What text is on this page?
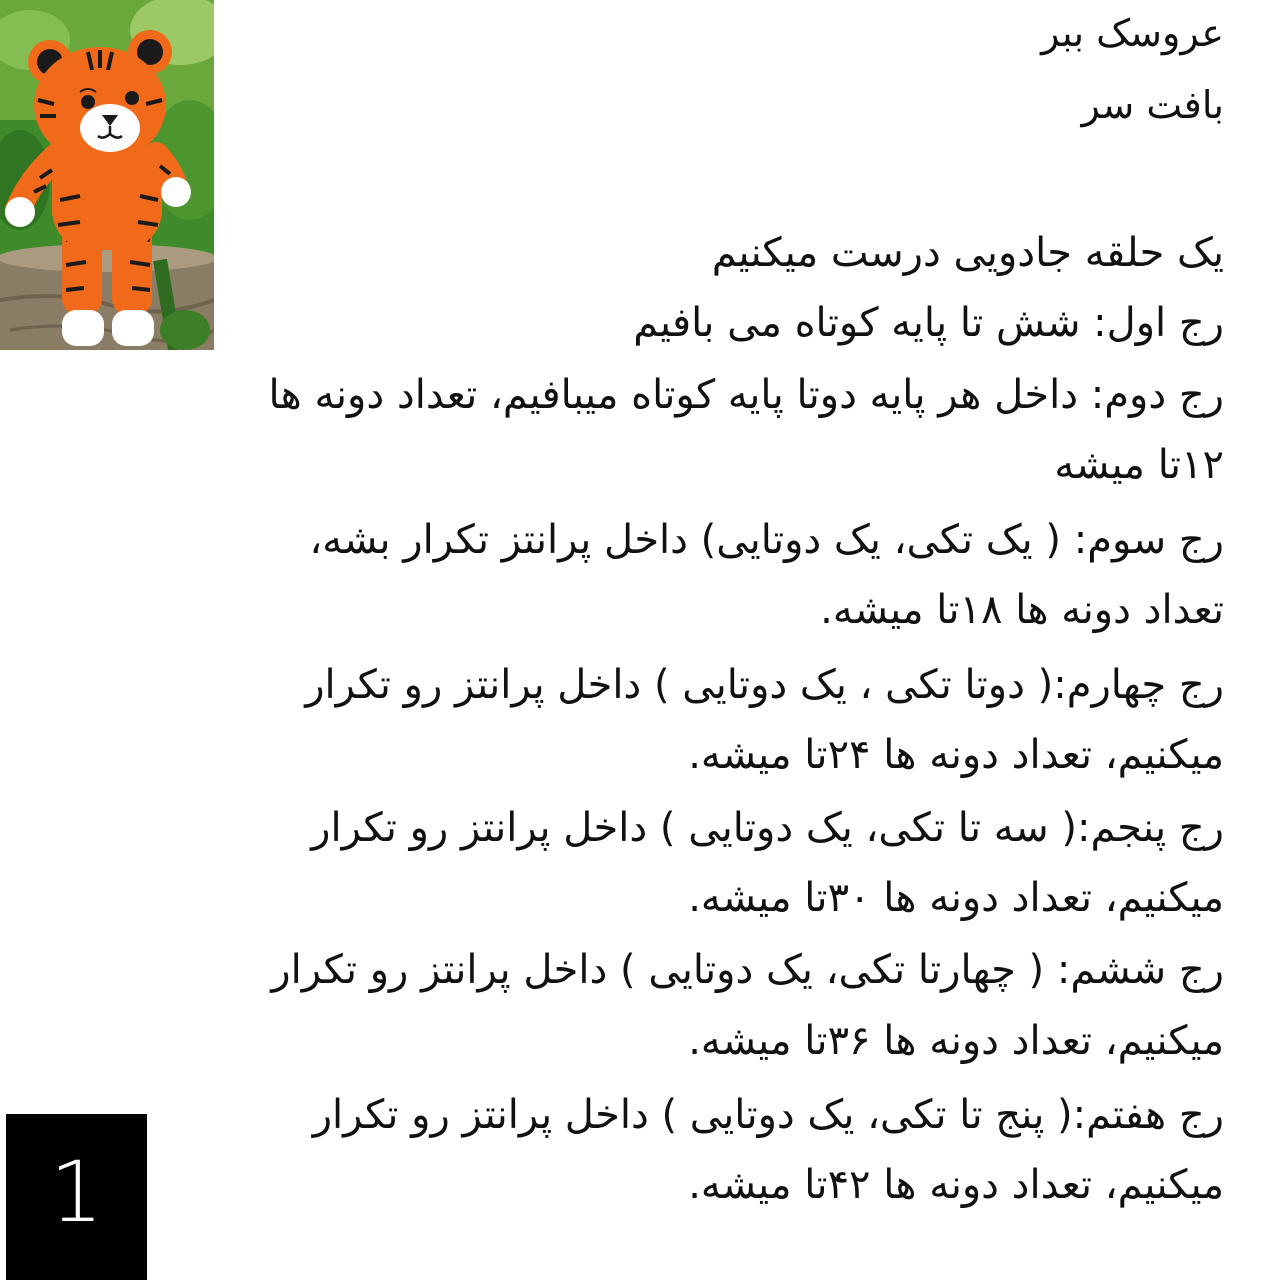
عروسک ببر
بافت سر
یک حلقه جادویی درست میکنیم
رج اول: شش تا پایه کوتاه می بافیم
رج دوم: داخل هر پایه دوتا پایه کوتاه میبافیم، تعداد دونه ها
۱۲تا میشه
رج سوم: ( یک تکی، یک دوتایی) داخل پرانتز تکرار بشه،
تعداد دونه ها ۱۸تا میشه.
رج چهارم:( دوتا تکی ، یک دوتایی ) داخل پرانتز رو تکرار
میکنیم، تعداد دونه ها ۲۴تا میشه.
رج پنجم:( سه تا تکی، یک دوتایی ) داخل پرانتز رو تکرار
میکنیم، تعداد دونه ها ۳۰تا میشه.
رج ششم: ( چهارتا تکی، یک دوتایی ) داخل پرانتز رو تکرار
میکنیم، تعداد دونه ها ۳۶تا میشه.
رج هفتم:( پنج تا تکی، یک دوتایی ) داخل پرانتز رو تکرار
میکنیم، تعداد دونه ها ۴۲تا میشه.
1
